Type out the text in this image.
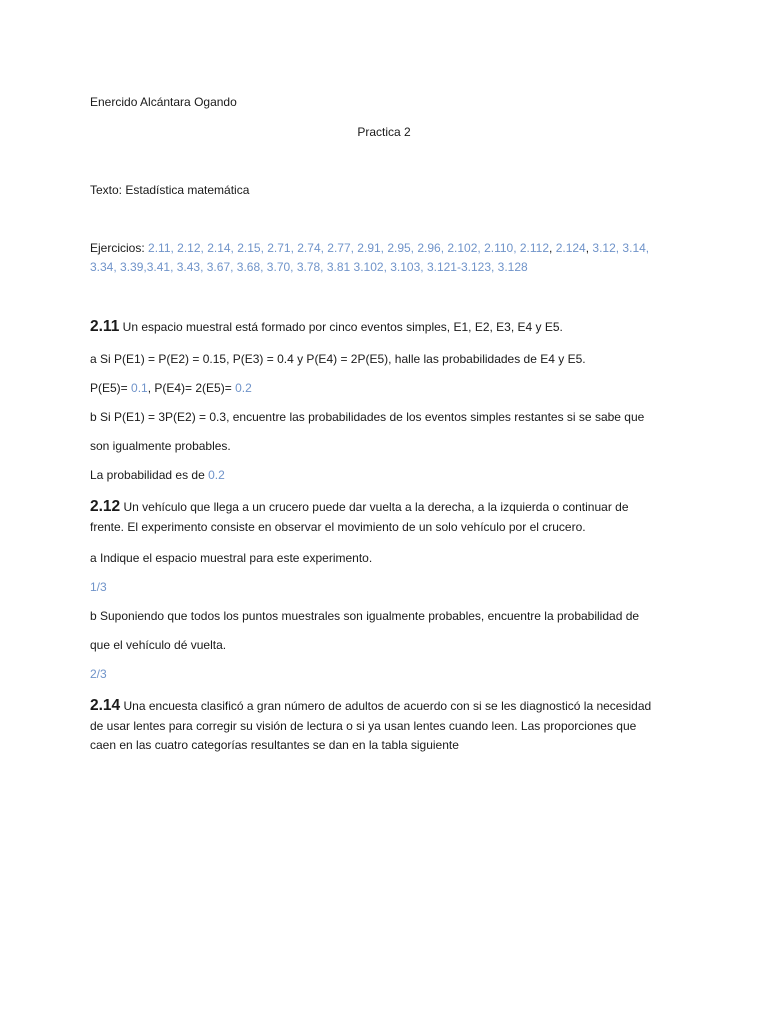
Enercido Alcántara Ogando
Practica 2
Texto: Estadística matemática
Ejercicios: 2.11, 2.12, 2.14, 2.15, 2.71, 2.74, 2.77, 2.91, 2.95, 2.96, 2.102, 2.110, 2.112, 2.124, 3.12, 3.14,
3.34, 3.39,3.41, 3.43, 3.67, 3.68, 3.70, 3.78, 3.81 3.102, 3.103, 3.121-3.123, 3.128
2.11 Un espacio muestral está formado por cinco eventos simples, E1, E2, E3, E4 y E5.
a Si P(E1) = P(E2) = 0.15, P(E3) = 0.4 y P(E4) = 2P(E5), halle las probabilidades de E4 y E5.
P(E5)= 0.1, P(E4)= 2(E5)= 0.2
b Si P(E1) = 3P(E2) = 0.3, encuentre las probabilidades de los eventos simples restantes si se sabe que
son igualmente probables.
La probabilidad es de 0.2
2.12 Un vehículo que llega a un crucero puede dar vuelta a la derecha, a la izquierda o continuar de
frente. El experimento consiste en observar el movimiento de un solo vehículo por el crucero.
a Indique el espacio muestral para este experimento.
1/3
b Suponiendo que todos los puntos muestrales son igualmente probables, encuentre la probabilidad de
que el vehículo dé vuelta.
2/3
2.14 Una encuesta clasificó a gran número de adultos de acuerdo con si se les diagnosticó la necesidad
de usar lentes para corregir su visión de lectura o si ya usan lentes cuando leen. Las proporciones que
caen en las cuatro categorías resultantes se dan en la tabla siguiente
